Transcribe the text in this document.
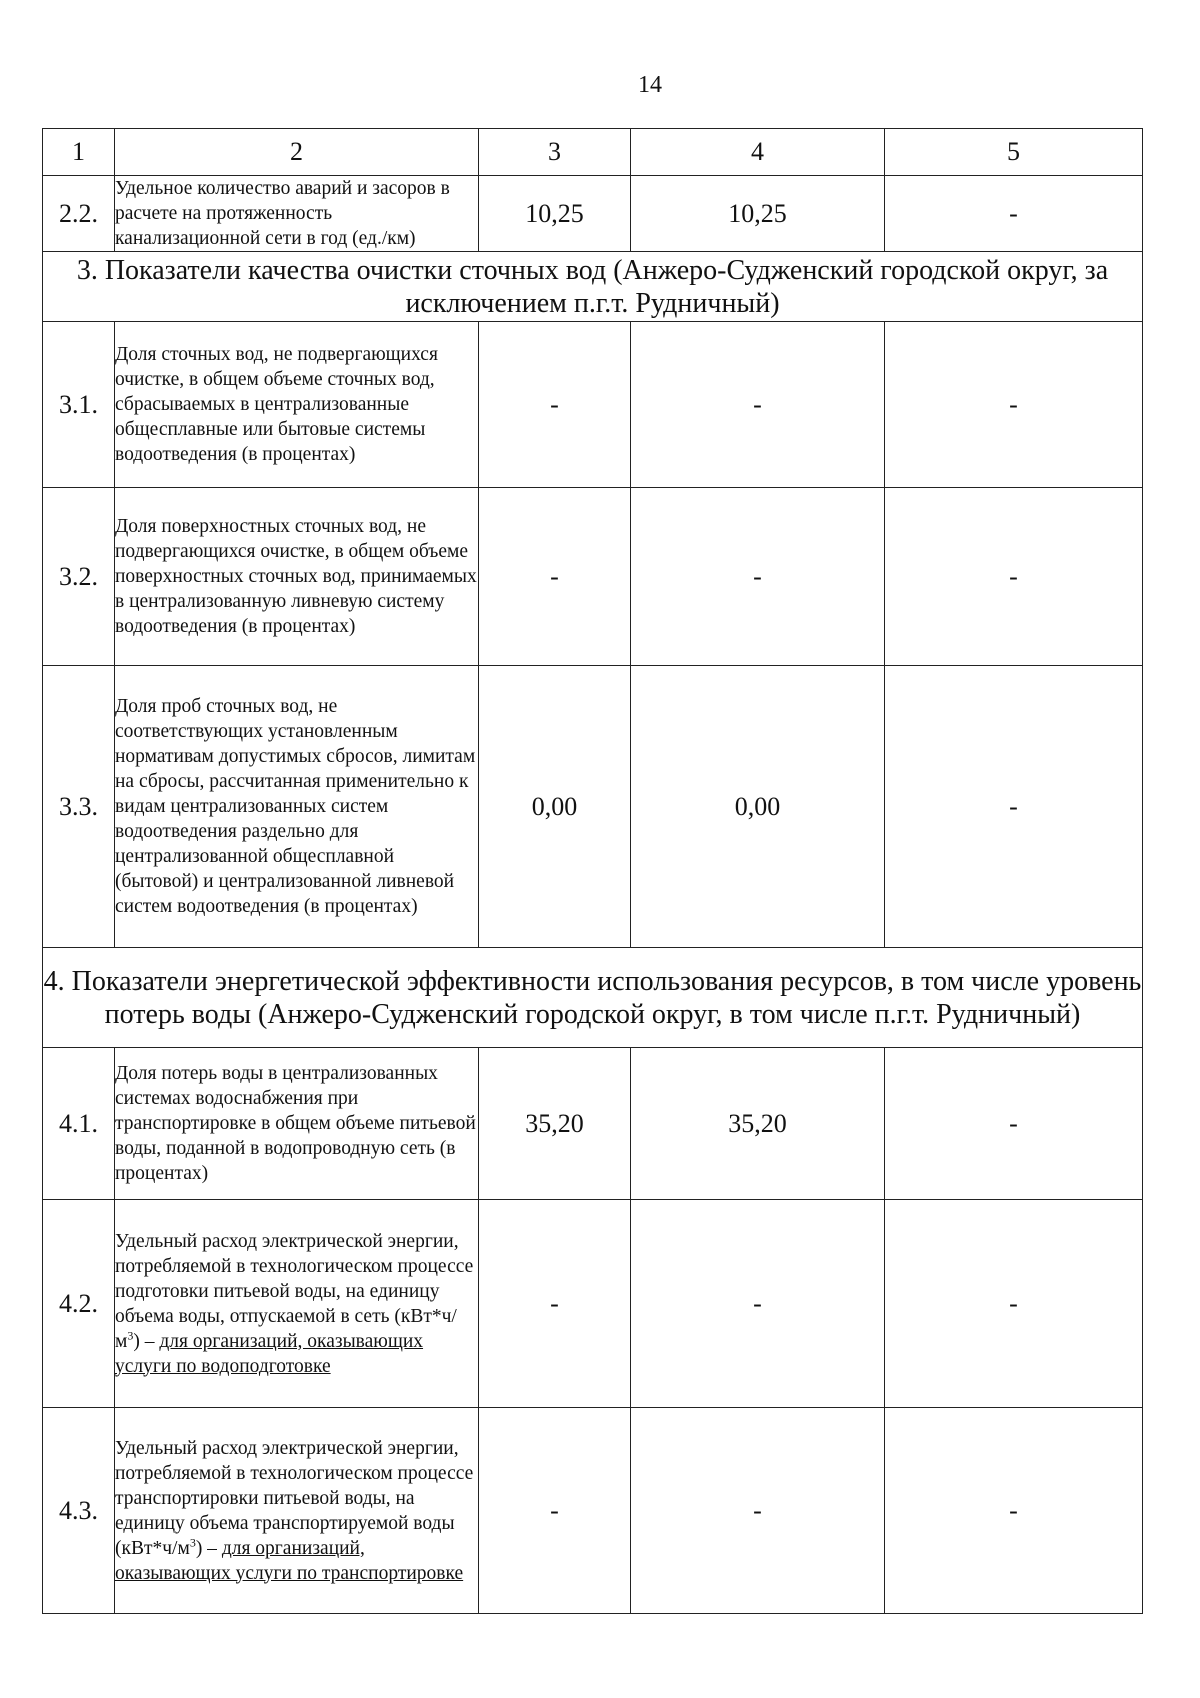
14
1	2	3	4	5
2.2.	Удельное количество аварий и засоров в расчете на протяженность канализационной сети в год (ед./км)	10,25	10,25	-
3. Показатели качества очистки сточных вод (Анжеро-Судженский городской округ, за исключением п.г.т. Рудничный)				
3.1.	Доля сточных вод, не подвергающихся очистке, в общем объеме сточных вод, сбрасываемых в централизованные общесплавные или бытовые системы водоотведения (в процентах)	-	-	-
3.2.	Доля поверхностных сточных вод, не подвергающихся очистке, в общем объеме поверхностных сточных вод, принимаемых в централизованную ливневую систему водоотведения (в процентах)	-	-	-
3.3.	Доля проб сточных вод, не соответствующих установленным нормативам допустимых сбросов, лимитам на сбросы, рассчитанная применительно к видам централизованных систем водоотведения раздельно для централизованной общесплавной (бытовой) и централизованной ливневой систем водоотведения (в процентах)	0,00	0,00	-
4. Показатели энергетической эффективности использования ресурсов, в том числе уровень потерь воды (Анжеро-Судженский городской округ, в том числе п.г.т. Рудничный)				
4.1.	Доля потерь воды в централизованных системах водоснабжения при транспортировке в общем объеме питьевой воды, поданной в водопроводную сеть (в процентах)	35,20	35,20	-
4.2.	Удельный расход электрической энергии, потребляемой в технологическом процессе подготовки питьевой воды, на единицу объема воды, отпускаемой в сеть $(кВт*ч/м^3)$ – для организаций, оказывающих услуги по водоподготовке	-	-	-
4.3.	Удельный расход электрической энергии, потребляемой в технологическом процессе транспортировки питьевой воды, на единицу объема транспортируемой воды $(кВт*ч/м^3)$ – для организаций, оказывающих услуги по транспортировке	-	-	-
